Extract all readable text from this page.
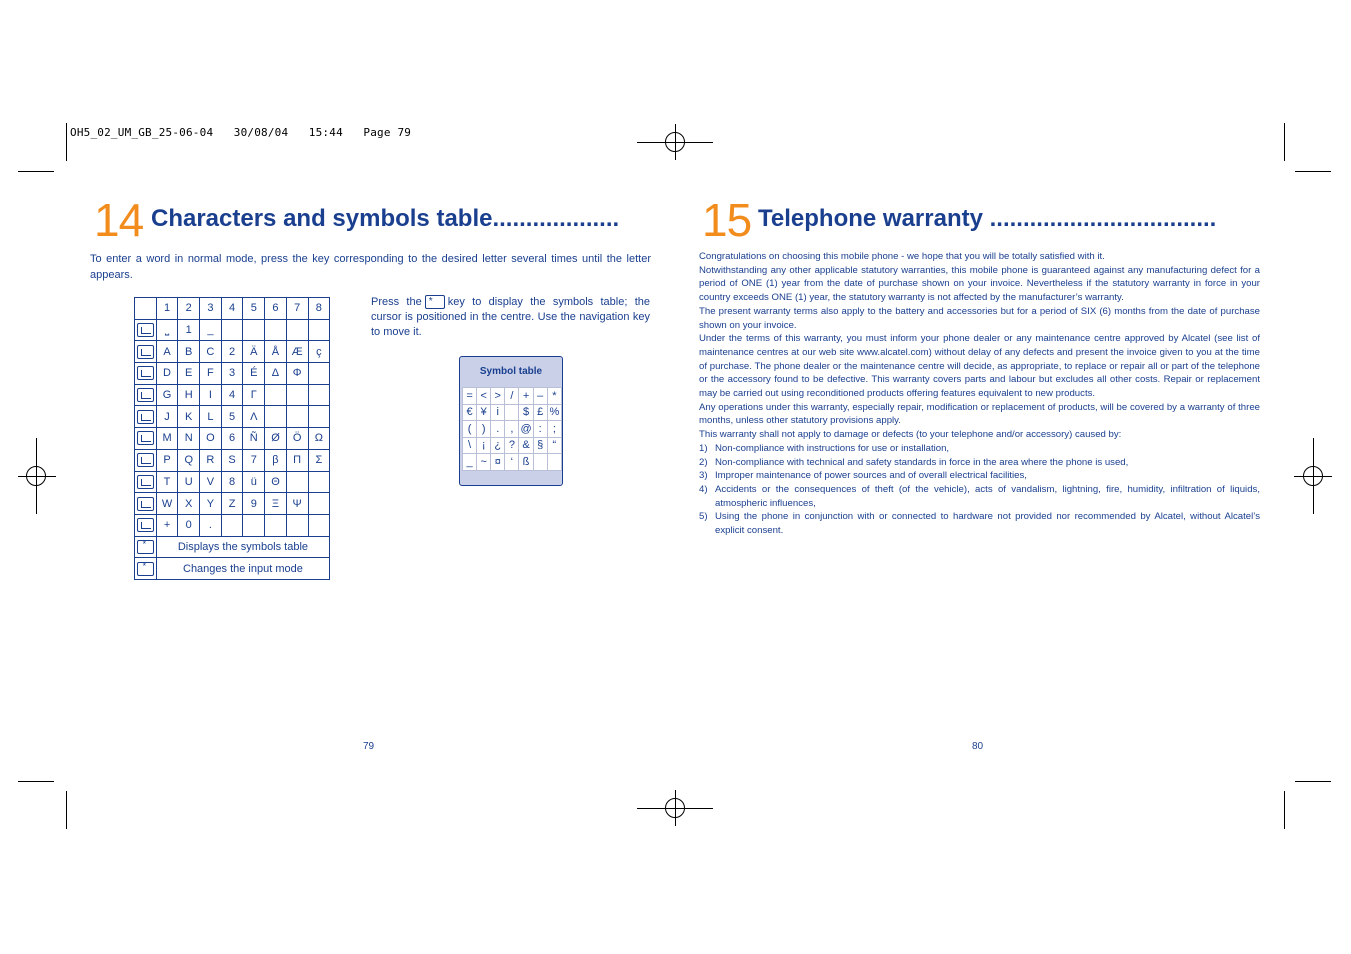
OH5_02_UM_GB_25-06-04   30/08/04   15:44   Page 79
14 Characters and symbols table...................
To enter a word in normal mode, press the key corresponding to the desired letter several times until the letter appears.
	1	2	3	4	5	6	7	8
	⎵	1	_					
	A	B	C	2	Ä	Å	Æ	ç
	D	E	F	3	É	Δ	Φ	
	G	H	I	4	Γ			
	J	K	L	5	Λ			
	M	N	O	6	Ñ	Ø	Ö	Ω
	P	Q	R	S	7	β	Π	Σ
	T	U	V	8	ü	Θ		
	W	X	Y	Z	9	Ξ	Ψ	
	+	0	.					
*	Displays the symbols table							
*	Changes the input mode							
Press the * key to display the symbols table; the cursor is positioned in the centre. Use the navigation key to move it.
Symbol table
=	<	>	/	+	–	*
€	¥	i		$	£	%
(	)	.	,	@	:	;
\	¡	¿	?	&	§	“
_	~	¤	‘	ß		
79
15 Telephone warranty ..................................

Congratulations on choosing this mobile phone - we hope that you will be totally satisfied with it.

Notwithstanding any other applicable statutory warranties, this mobile phone is guaranteed against any manufacturing defect for a period of ONE (1) year from the date of purchase shown on your invoice. Nevertheless if the statutory warranty in force in your country exceeds ONE (1) year, the statutory warranty is not affected by the manufacturer’s warranty.

The present warranty terms also apply to the battery and accessories but for a period of SIX (6) months from the date of purchase shown on your invoice.

Under the terms of this warranty, you must inform your phone dealer or any maintenance centre approved by Alcatel (see list of maintenance centres at our web site www.alcatel.com) without delay of any defects and present the invoice given to you at the time of purchase. The phone dealer or the maintenance centre will decide, as appropriate, to replace or repair all or part of the telephone or the accessory found to be defective. This warranty covers parts and labour but excludes all other costs. Repair or replacement may be carried out using reconditioned products offering features equivalent to new products.

Any operations under this warranty, especially repair, modification or replacement of products, will be covered by a warranty of three months, unless other statutory provisions apply.

This warranty shall not apply to damage or defects (to your telephone and/or accessory) caused by:

1) Non-compliance with instructions for use or installation,
2) Non-compliance with technical and safety standards in force in the area where the phone is used,
3) Improper maintenance of power sources and of overall electrical facilities,
4) Accidents or the consequences of theft (of the vehicle), acts of vandalism, lightning, fire, humidity, infiltration of liquids, atmospheric influences,
5) Using the phone in conjunction with or connected to hardware not provided nor recommended by Alcatel, without Alcatel’s explicit consent.
80
